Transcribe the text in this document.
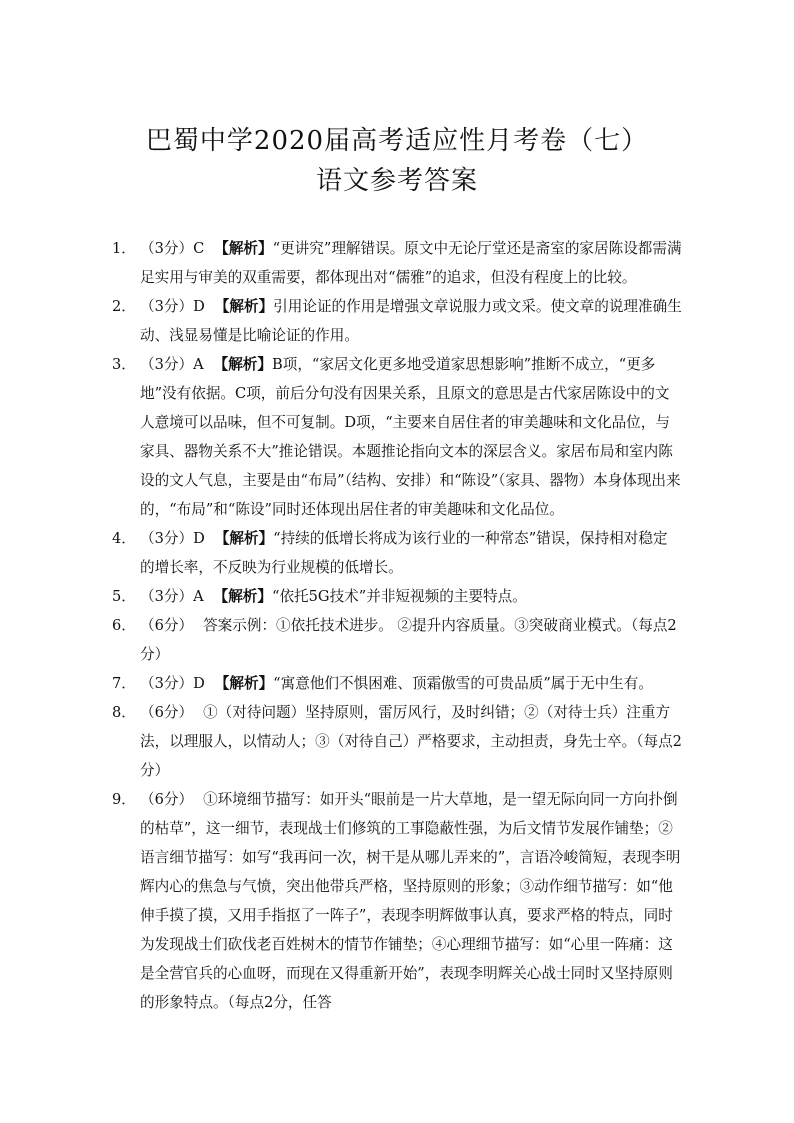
巴蜀中学2020届高考适应性月考卷（七）
语文参考答案

1． （3分）C 【解析】“更讲究”理解错误。原文中无论厅堂还是斋室的家居陈设都需满足实用与审美的双重需要，都体现出对“儒雅”的追求，但没有程度上的比较。

2． （3分）D 【解析】引用论证的作用是增强文章说服力或文采。使文章的说理准确生动、浅显易懂是比喻论证的作用。

3． （3分）A 【解析】B项，“家居文化更多地受道家思想影响”推断不成立，“更多地”没有依据。C项，前后分句没有因果关系，且原文的意思是古代家居陈设中的文人意境可以品味，但不可复制。D项，“主要来自居住者的审美趣味和文化品位，与家具、器物关系不大”推论错误。本题推论指向文本的深层含义。家居布局和室内陈设的文人气息，主要是由“布局”（结构、安排）和“陈设”（家具、器物）本身体现出来的，“布局”和“陈设”同时还体现出居住者的审美趣味和文化品位。

4． （3分）D 【解析】“持续的低增长将成为该行业的一种常态”错误，保持相对稳定的增长率，不反映为行业规模的低增长。

5． （3分）A 【解析】“依托5G技术”并非短视频的主要特点。

6． （6分） 答案示例：①依托技术进步。 ②提升内容质量。③突破商业模式。（每点2分）

7． （3分）D 【解析】“寓意他们不惧困难、顶霜傲雪的可贵品质”属于无中生有。

8． （6分） ①（对待问题）坚持原则，雷厉风行，及时纠错；②（对待士兵）注重方法，以理服人，以情动人；③（对待自己）严格要求，主动担责，身先士卒。（每点2分）

9． （6分） ①环境细节描写：如开头“眼前是一片大草地，是一望无际向同一方向扑倒的枯草”，这一细节，表现战士们修筑的工事隐蔽性强，为后文情节发展作铺垫；②语言细节描写：如写“我再问一次，树干是从哪儿弄来的”，言语冷峻简短，表现李明辉内心的焦急与气愤，突出他带兵严格，坚持原则的形象；③动作细节描写：如“他伸手摸了摸，又用手指抠了一阵子”，表现李明辉做事认真，要求严格的特点，同时为发现战士们砍伐老百姓树木的情节作铺垫；④心理细节描写：如“心里一阵痛：这是全营官兵的心血呀，而现在又得重新开始”，表现李明辉关心战士同时又坚持原则的形象特点。（每点2分，任答
